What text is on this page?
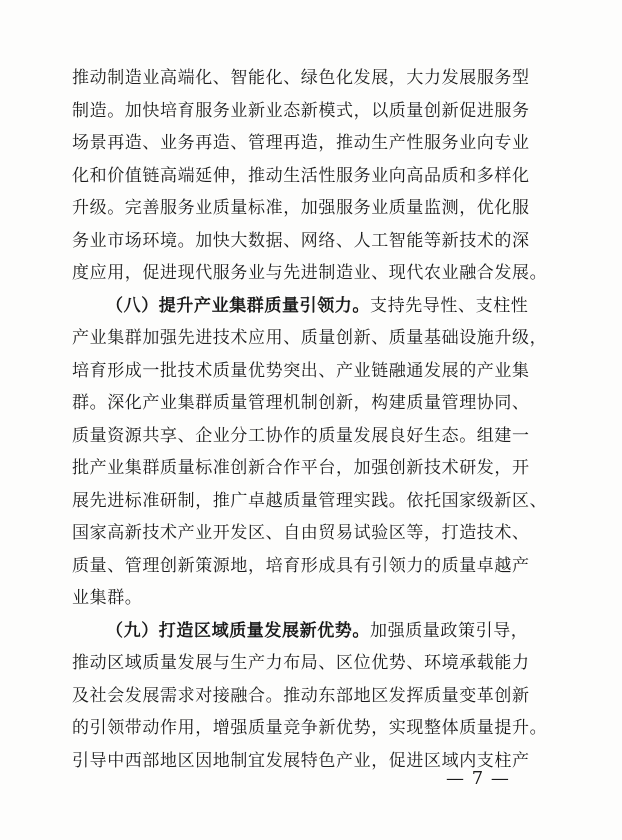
推动制造业高端化、智能化、绿色化发展，大力发展服务型
制造。加快培育服务业新业态新模式，以质量创新促进服务
场景再造、业务再造、管理再造，推动生产性服务业向专业
化和价值链高端延伸，推动生活性服务业向高品质和多样化
升级。完善服务业质量标准，加强服务业质量监测，优化服
务业市场环境。加快大数据、网络、人工智能等新技术的深
度应用，促进现代服务业与先进制造业、现代农业融合发展。
（八）提升产业集群质量引领力。支持先导性、支柱性
产业集群加强先进技术应用、质量创新、质量基础设施升级，
培育形成一批技术质量优势突出、产业链融通发展的产业集
群。深化产业集群质量管理机制创新，构建质量管理协同、
质量资源共享、企业分工协作的质量发展良好生态。组建一
批产业集群质量标准创新合作平台，加强创新技术研发，开
展先进标准研制，推广卓越质量管理实践。依托国家级新区、
国家高新技术产业开发区、自由贸易试验区等，打造技术、
质量、管理创新策源地，培育形成具有引领力的质量卓越产
业集群。
（九）打造区域质量发展新优势。加强质量政策引导，
推动区域质量发展与生产力布局、区位优势、环境承载能力
及社会发展需求对接融合。推动东部地区发挥质量变革创新
的引领带动作用，增强质量竞争新优势，实现整体质量提升。
引导中西部地区因地制宜发展特色产业，促进区域内支柱产
— 7 —
